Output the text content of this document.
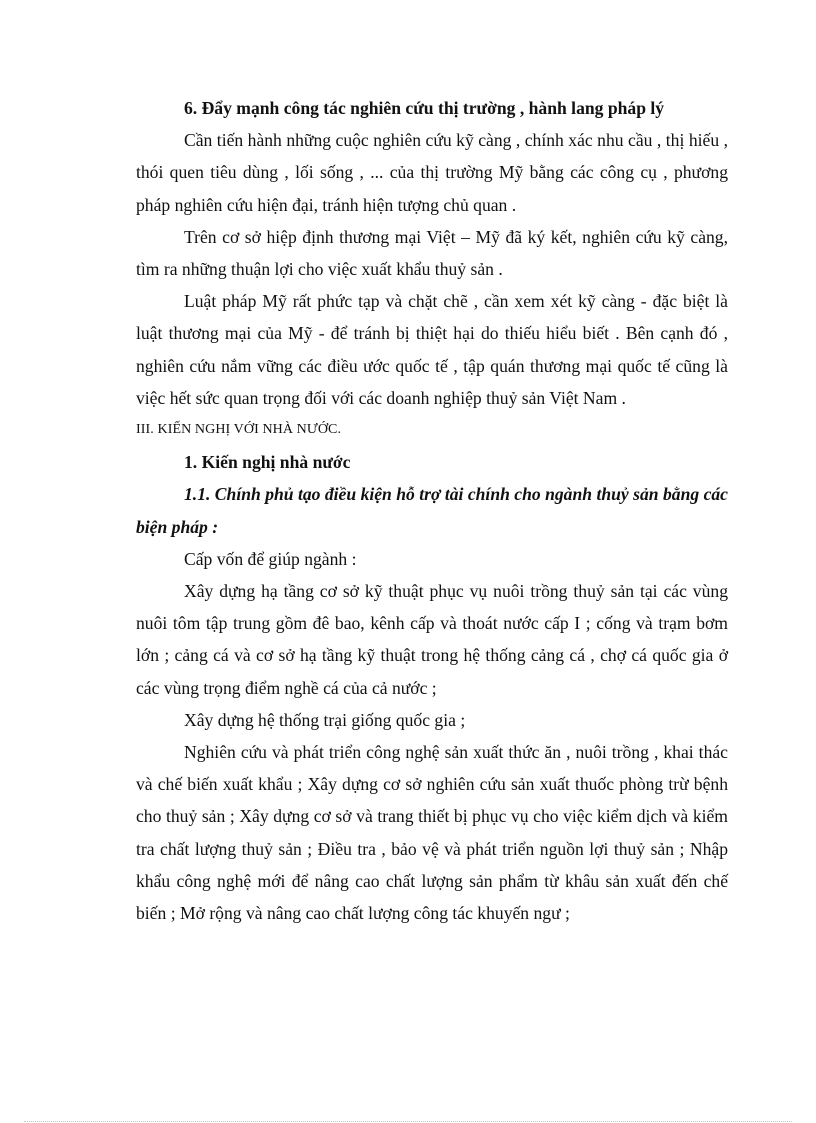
6. Đẩy mạnh công tác nghiên cứu thị trường , hành lang pháp lý

Cần tiến hành những cuộc nghiên cứu kỹ càng , chính xác nhu cầu , thị hiếu , thói quen tiêu dùng , lối sống , ... của thị trường Mỹ bằng các công cụ , phương pháp nghiên cứu hiện đại, tránh hiện tượng chủ quan .

Trên cơ sở hiệp định thương mại Việt – Mỹ đã ký kết, nghiên cứu kỹ càng, tìm ra những thuận lợi cho việc xuất khẩu thuỷ sản .

Luật pháp Mỹ rất phức tạp và chặt chẽ , cần xem xét kỹ càng - đặc biệt là luật thương mại của Mỹ - để tránh bị thiệt hại do thiếu hiểu biết . Bên cạnh đó , nghiên cứu nắm vững các điều ước quốc tế , tập quán thương mại quốc tế cũng là việc hết sức quan trọng đối với các doanh nghiệp thuỷ sản Việt Nam .

III. KIẾN NGHỊ VỚI NHÀ NƯỚC.

1. Kiến nghị nhà nước

1.1. Chính phủ tạo điều kiện hỗ trợ tài chính cho ngành thuỷ sản bằng các biện pháp :

Cấp vốn để giúp ngành :

Xây dựng hạ tầng cơ sở kỹ thuật phục vụ nuôi trồng thuỷ sản tại các vùng nuôi tôm tập trung gồm đê bao, kênh cấp và thoát nước cấp I ; cống và trạm bơm lớn ; cảng cá và cơ sở hạ tầng kỹ thuật trong hệ thống cảng cá , chợ cá quốc gia ở các vùng trọng điểm nghề cá của cả nước ;

Xây dựng hệ thống trại giống quốc gia ;

Nghiên cứu và phát triển công nghệ sản xuất thức ăn , nuôi trồng , khai thác và chế biến xuất khẩu ; Xây dựng cơ sở nghiên cứu sản xuất thuốc phòng trừ bệnh cho thuỷ sản ; Xây dựng cơ sở và trang thiết bị phục vụ cho việc kiểm dịch và kiểm tra chất lượng thuỷ sản ; Điều tra , bảo vệ và phát triển nguồn lợi thuỷ sản ; Nhập khẩu công nghệ mới để nâng cao chất lượng sản phẩm từ khâu sản xuất đến chế biến ; Mở rộng và nâng cao chất lượng công tác khuyến ngư ;
